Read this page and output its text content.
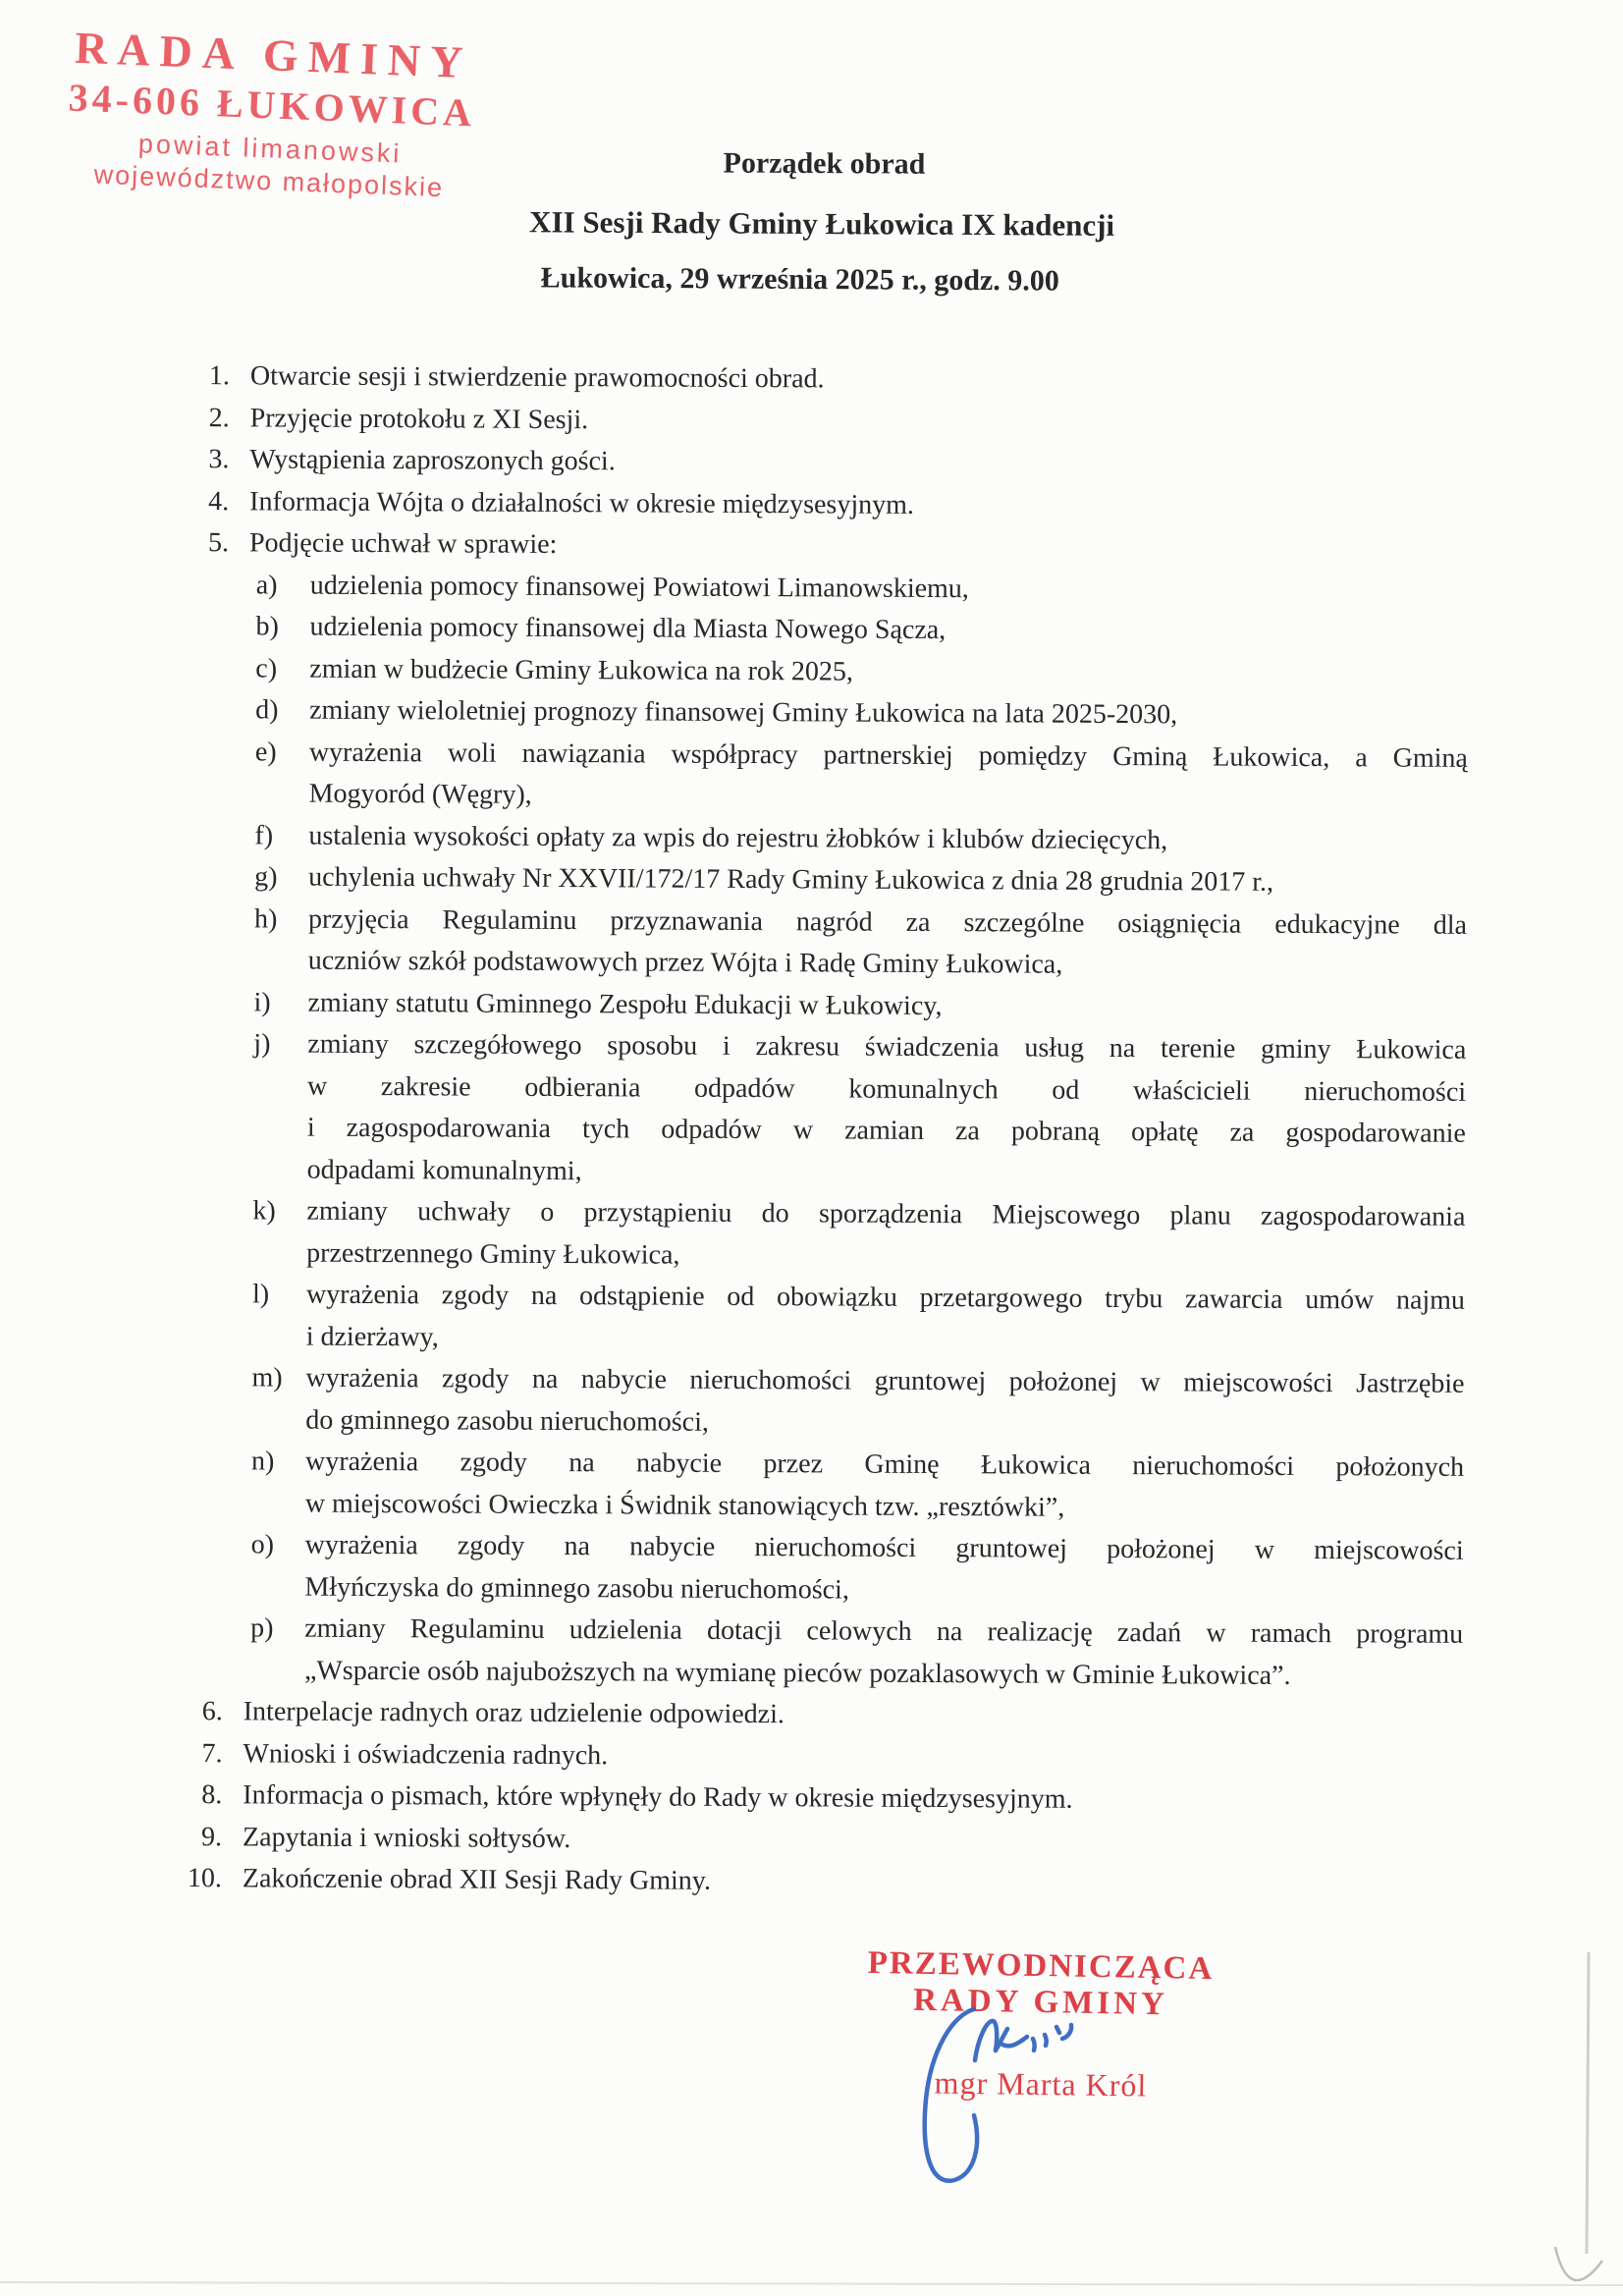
RADA GMINY
34-606 ŁUKOWICA
powiat limanowski
województwo małopolskie	Porządek obrad
XII Sesji Rady Gminy Łukowica IX kadencji
Łukowica, 29 września 2025 r., godz. 9.00
1. Otwarcie sesji i stwierdzenie prawomocności obrad.
2. Przyjęcie protokołu z XI Sesji.
3. Wystąpienia zaproszonych gości.
4. Informacja Wójta o działalności w okresie międzysesyjnym.
5. Podjęcie uchwał w sprawie:
a)	udzielenia pomocy finansowej Powiatowi Limanowskiemu,
b)	udzielenia pomocy finansowej dla Miasta Nowego Sącza,
c)	zmian w budżecie Gminy Łukowica na rok 2025,
d)	zmiany wieloletniej prognozy finansowej Gminy Łukowica na lata 2025-2030,
e)	wyrażenia woli nawiązania współpracy partnerskiej pomiędzy Gminą Łukowica, a Gminą
Mogyoród (Węgry),
f)	ustalenia wysokości opłaty za wpis do rejestru żłobków i klubów dziecięcych,
g)	uchylenia uchwały Nr XXVII/172/17 Rady Gminy Łukowica z dnia 28 grudnia 2017 r.,
h)	przyjęcia Regulaminu przyznawania nagród za szczególne osiągnięcia edukacyjne dla
uczniów szkół podstawowych przez Wójta i Radę Gminy Łukowica,
i)	zmiany statutu Gminnego Zespołu Edukacji w Łukowicy,
j)	zmiany szczegółowego sposobu i zakresu świadczenia usług na terenie gminy Łukowica
w zakresie odbierania odpadów komunalnych od właścicieli nieruchomości
i zagospodarowania tych odpadów w zamian za pobraną opłatę za gospodarowanie
odpadami komunalnymi,
k)	zmiany uchwały o przystąpieniu do sporządzenia Miejscowego planu zagospodarowania
przestrzennego Gminy Łukowica,
l)	wyrażenia zgody na odstąpienie od obowiązku przetargowego trybu zawarcia umów najmu
i dzierżawy,
m) wyrażenia zgody na nabycie nieruchomości gruntowej położonej w miejscowości Jastrzębie
do gminnego zasobu nieruchomości,
n)	wyrażenia zgody na nabycie przez Gminę Łukowica nieruchomości położonych
w miejscowości Owieczka i Świdnik stanowiących tzw. „resztówki”,
o)	wyrażenia zgody na nabycie nieruchomości gruntowej położonej w miejscowości
Młyńczyska do gminnego zasobu nieruchomości,
p)	zmiany Regulaminu udzielenia dotacji celowych na realizację zadań w ramach programu
„Wsparcie osób najuboższych na wymianę pieców pozaklasowych w Gminie Łukowica”.
6. Interpelacje radnych oraz udzielenie odpowiedzi.
7. Wnioski i oświadczenia radnych.
8. Informacja o pismach, które wpłynęły do Rady w okresie międzysesyjnym.
9. Zapytania i wnioski sołtysów.
10. Zakończenie obrad XII Sesji Rady Gminy.
PRZEWODNICZĄCA
RADY GMINY
mgr Marta Król
